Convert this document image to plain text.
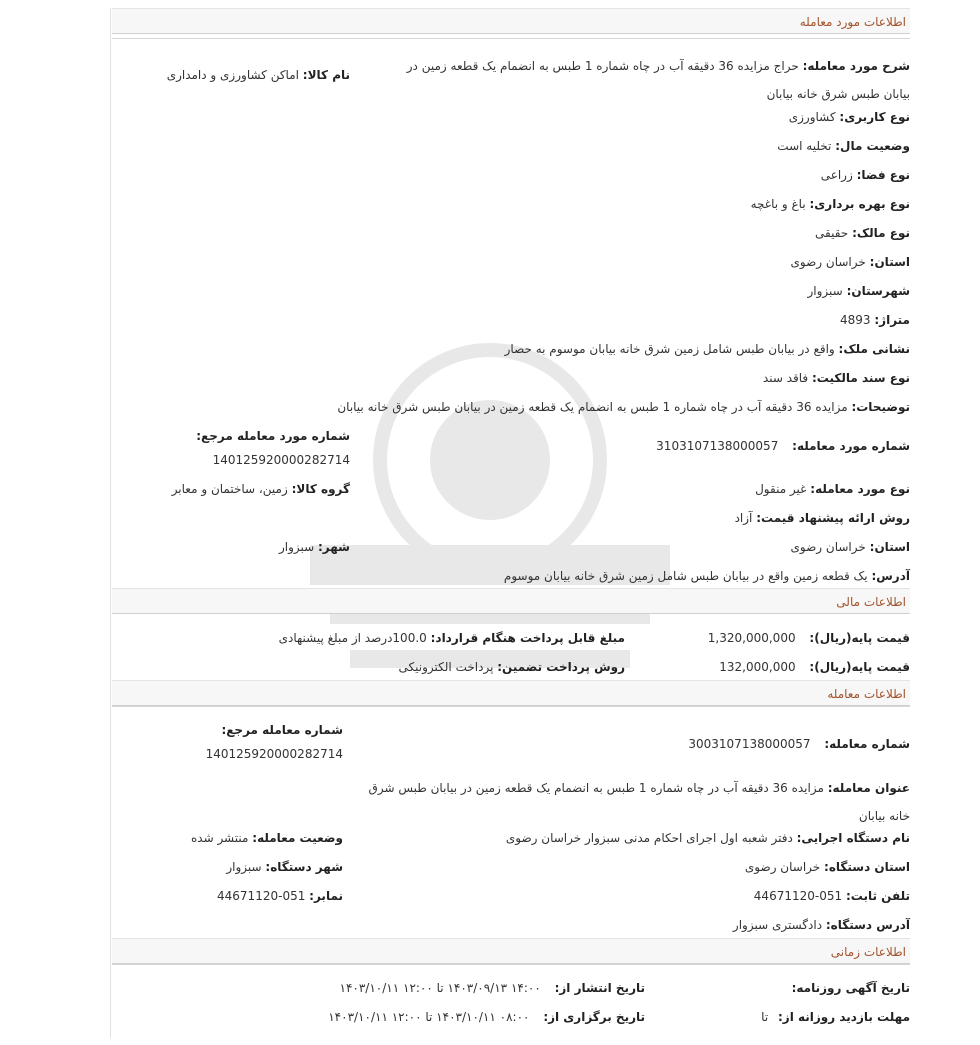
اطلاعات مورد معامله
شرح مورد معامله: حراج مزایده 36 دقیقه آب در چاه شماره 1 طبس به انضمام یک قطعه زمین در بیابان طبس شرق خانه بیابان
نام کالا: اماکن کشاورزی و دامداری
نوع کاربری: کشاورزی
وضعیت مال: تخلیه است
نوع فضا: زراعی
نوع بهره برداری: باغ و باغچه
نوع مالک: حقیقی
استان: خراسان رضوی
شهرستان: سبزوار
متراژ: 4893
نشانی ملک: واقع در بیابان طبس شامل زمین شرق خانه بیابان موسوم به حصار
نوع سند مالکیت: فاقد سند
توضیحات: مزایده 36 دقیقه آب در چاه شماره 1 طبس به انضمام یک قطعه زمین در بیابان طبس شرق خانه بیابان
شماره مورد معامله: 3103107138000057
شماره مورد معامله مرجع:
140125920000282714
نوع مورد معامله: غیر منقول
گروه کالا: زمین، ساختمان و معابر
روش ارائه پیشنهاد قیمت: آزاد
استان: خراسان رضوی
شهر: سبزوار
آدرس: یک قطعه زمین واقع در بیابان طبس شامل زمین شرق خانه بیابان موسوم
اطلاعات مالی
قیمت پایه(ریال): 1,320,000,000
مبلغ قابل پرداخت هنگام قرارداد: 100.0درصد از مبلغ پیشنهادی
قیمت پایه(ریال): 132,000,000
روش پرداخت تضمین: پرداخت الکترونیکی
اطلاعات معامله
شماره معامله: 3003107138000057
شماره معامله مرجع:
140125920000282714
عنوان معامله: مزایده 36 دقیقه آب در چاه شماره 1 طبس به انضمام یک قطعه زمین در بیابان طبس شرق خانه بیابان
نام دستگاه اجرایی: دفتر شعبه اول اجرای احکام مدنی سبزوار خراسان رضوی
وضعیت معامله: منتشر شده
استان دستگاه: خراسان رضوی
شهر دستگاه: سبزوار
تلفن ثابت: 051-44671120
نمابر: 051-44671120
آدرس دستگاه: دادگستری سبزوار
اطلاعات زمانی
تاریخ آگهی روزنامه:
تاریخ انتشار از: ۱۴:۰۰ ۱۴۰۳/۰۹/۱۳ تا ۱۲:۰۰ ۱۴۰۳/۱۰/۱۱
مهلت بازدید روزانه از: تا
تاریخ برگزاری از: ۰۸:۰۰ ۱۴۰۳/۱۰/۱۱ تا ۱۲:۰۰ ۱۴۰۳/۱۰/۱۱
